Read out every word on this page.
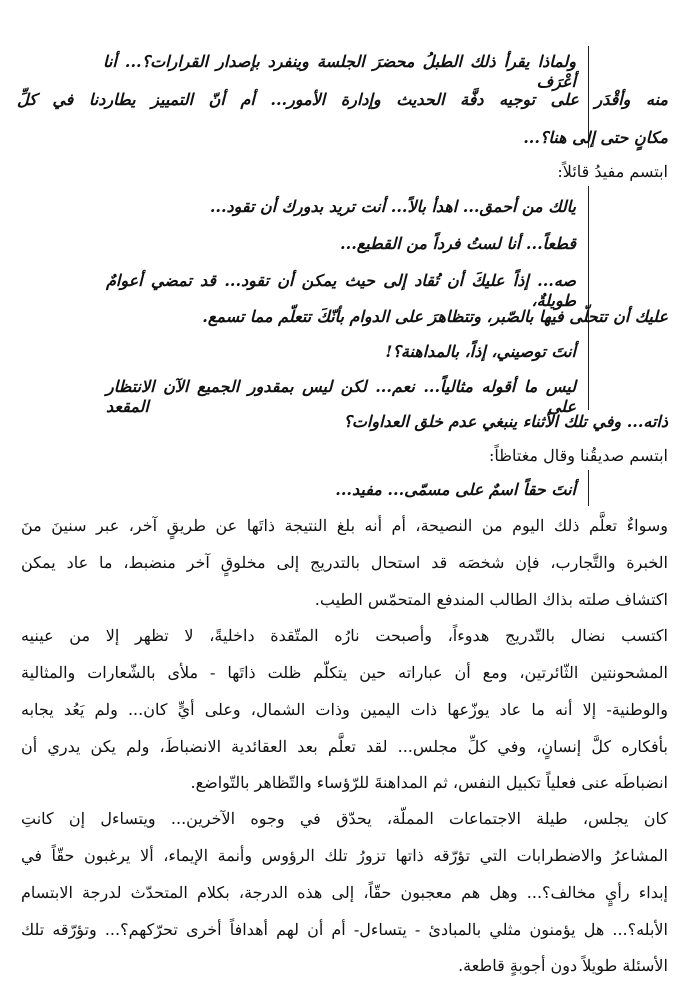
ولماذا يقرأ ذلك الطبلُ محضرَ الجلسة وينفرد بإصدار القرارات؟... أنا أعْرَف
منه وأقْدَر على توجيه دفَّة الحديث وإدارة الأمور... أم أنّ التمييز يطاردنا في كلِّ
مكانٍ حتى إلى هنا؟...
ابتسم مفيدُ قائلاً:
يالك من أحمق... اهدأ بالاً... أنت تريد بدورك أن تقود...
قطعاً... أنا لستُ فرداً من القطيع...
صه... إذاً عليكَ أن تُقاد إلى حيث يمكن أن تقود... قد تمضي أعوامٌ طويلةٌ،
عليك أن تتحلّى فيها بالصّبر، وتتظاهرَ على الدوام بأنّكَ تتعلّم مما تسمع.
أنتَ توصيني، إذاً، بالمداهنة؟!
ليس ما أقوله مثالياً... نعم... لكن ليس بمقدور الجميع الآن الانتظار على المقعد
ذاته... وفي تلك الأثناء ينبغي عدم خلق العداوات؟
ابتسم صديقُنا وقال مغتاظاً:
أنتَ حقاً اسمٌ على مسمّى... مفيد...
وسواءٌ تعلَّم ذلك اليوم من النصيحة، أم أنه بلغ النتيجة ذاتَها عن طريقٍ آخر، عبر سنينَ منَ
الخبرة والتَّجارب، فإن شخصَه قد استحال بالتدريج إلى مخلوقٍ آخر منضبط، ما عاد يمكن
اكتشاف صلته بذاك الطالب المندفع المتحمّس الطيب.
اكتسب نضال بالتّدريج هدوءاً، وأصبحت نارُه المتّقدة داخليةً، لا تظهر إلا من عينيه
المشحونتين الثّائرتين، ومع أن عباراته حين يتكلّم ظلت ذاتَها - ملأى بالشّعارات والمثالية
والوطنية- إلا أنه ما عاد يوزّعها ذات اليمين وذات الشمال، وعلى أيٍّ كان... ولم يَعُد يجابه
بأفكاره كلَّ إنسانٍ، وفي كلِّ مجلس... لقد تعلَّم بعد العقائدية الانضباطَ، ولم يكن يدري أن
انضباطَه عنى فعلياً تكبيل النفس، ثم المداهنةَ للرّؤساء والتّظاهر بالتّواضع.
كان يجلس، طيلة الاجتماعات المملّة، يحدّق في وجوه الآخرين... ويتساءل إن كانتِ
المشاعرُ والاضطرابات التي تؤرّقه ذاتها تزورُ تلك الرؤوس وأنمة الإيماء، ألا يرغبون حقّاً في
إبداء رأيٍ مخالف؟... وهل هم معجبون حقّاً، إلى هذه الدرجة، بكلام المتحدّث لدرجة الابتسام
الأبله؟... هل يؤمنون مثلي بالمبادئ - يتساءل- أم أن لهم أهدافاً أخرى تحرّكهم؟... وتؤرّقه تلك
الأسئلة طويلاً دون أجوبةٍ قاطعة.
